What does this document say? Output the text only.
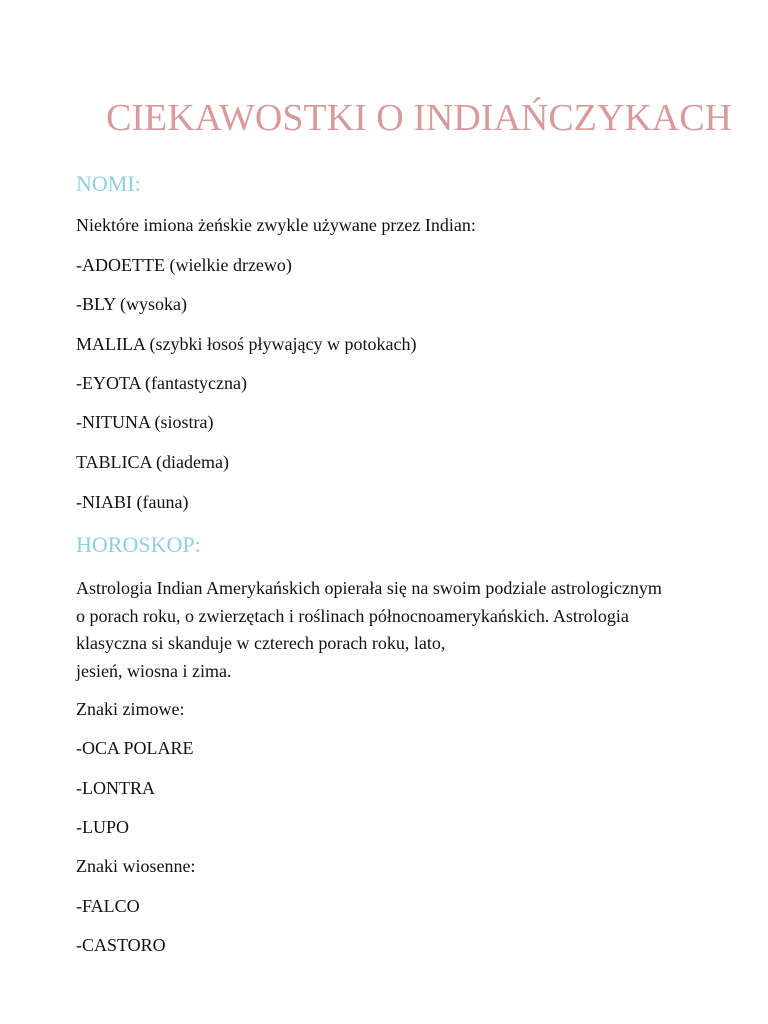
CIEKAWOSTKI O INDIAŃCZYKACH
NOMI:

Niektóre imiona żeńskie zwykle używane przez Indian:

-ADOETTE (wielkie drzewo)

-BLY (wysoka)

MALILA (szybki łosoś pływający w potokach)

-EYOTA (fantastyczna)

-NITUNA (siostra)

TABLICA (diadema)

-NIABI (fauna)

HOROSKOP:

Astrologia Indian Amerykańskich opierała się na swoim podziale astrologicznym
o porach roku, o zwierzętach i roślinach północnoamerykańskich. Astrologia
klasyczna si skanduje w czterech porach roku, lato,
jesień, wiosna i zima.

Znaki zimowe:

-OCA POLARE

-LONTRA

-LUPO

Znaki wiosenne:

-FALCO

-CASTORO
